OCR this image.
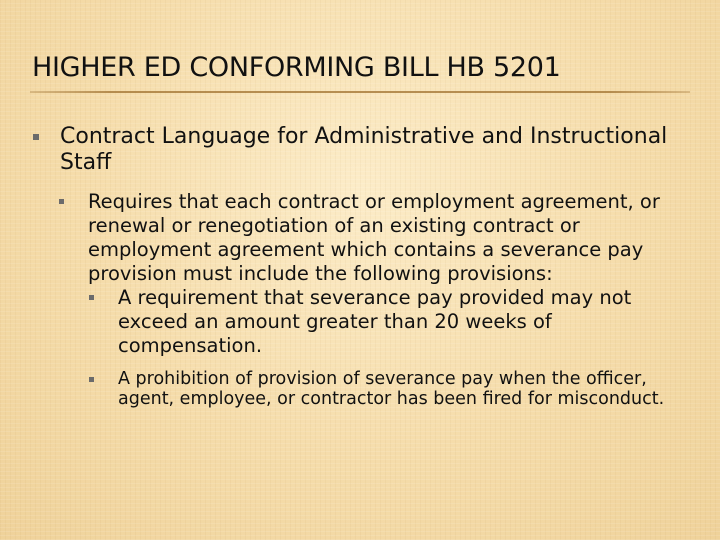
HIGHER ED CONFORMING BILL HB 5201
Contract Language for Administrative and Instructional Staff
Requires that each contract or employment agreement, or renewal or renegotiation of an existing contract or employment agreement which contains a severance pay provision must include the following provisions:
A requirement that severance pay provided may not exceed an amount greater than 20 weeks of compensation.
A prohibition of provision of severance pay when the officer, agent, employee, or contractor has been fired for misconduct.
